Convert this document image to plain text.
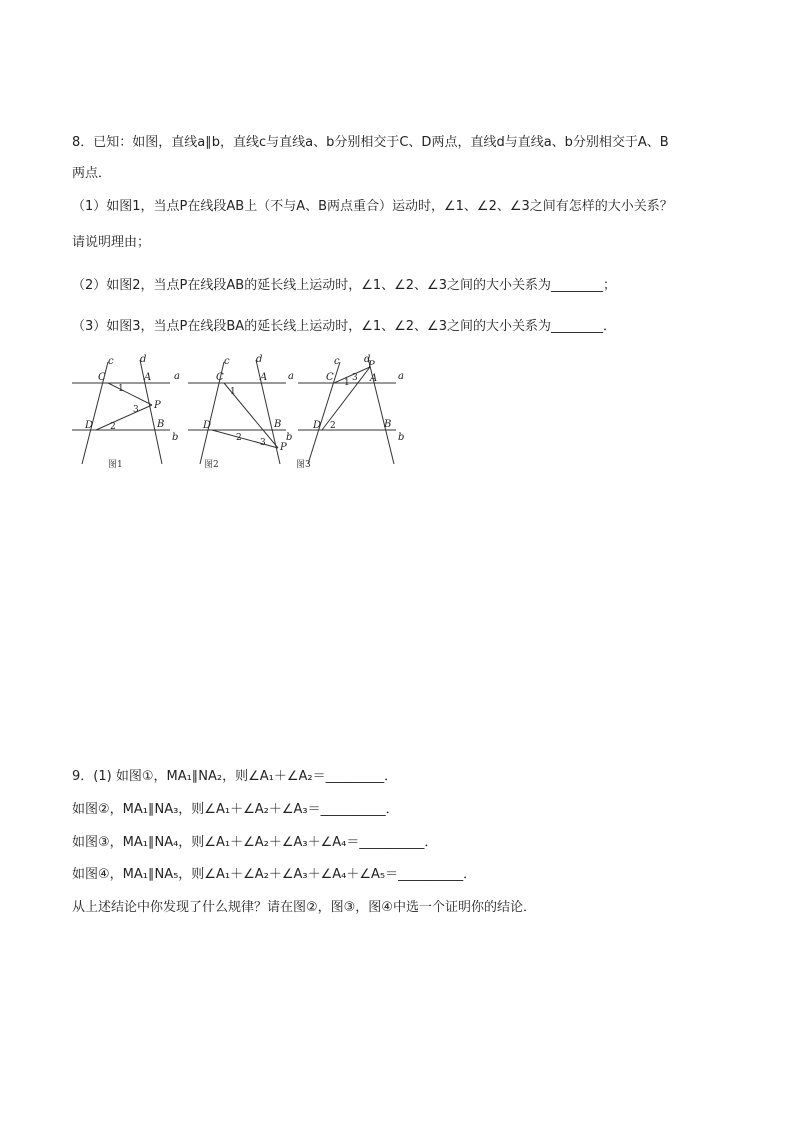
8．已知：如图，直线a∥b，直线c与直线a、b分别相交于C、D两点，直线d与直线a、b分别相交于A、B
两点．
（1）如图1，当点P在线段AB上（不与A、B两点重合）运动时，∠1、∠2、∠3之间有怎样的大小关系？
请说明理由；
（2）如图2，当点P在线段AB的延长线上运动时，∠1、∠2、∠3之间的大小关系为________；
（3）如图3，当点P在线段BA的延长线上运动时，∠1、∠2、∠3之间的大小关系为________．
c	d
a
b
C	A
P
B
D
1
2
3
图1
c	d
a
b
C	A
B
D
P
1
2 3
图2
c d
a
b
C
P
A
B
D
1
2
3
图3
9．(1) 如图①，MA₁∥NA₂，则∠A₁＋∠A₂＝_________．
如图②，MA₁∥NA₃，则∠A₁＋∠A₂＋∠A₃＝__________．
如图③，MA₁∥NA₄，则∠A₁＋∠A₂＋∠A₃＋∠A₄＝__________．
如图④，MA₁∥NA₅，则∠A₁＋∠A₂＋∠A₃＋∠A₄＋∠A₅＝__________．
从上述结论中你发现了什么规律？请在图②，图③，图④中选一个证明你的结论．
